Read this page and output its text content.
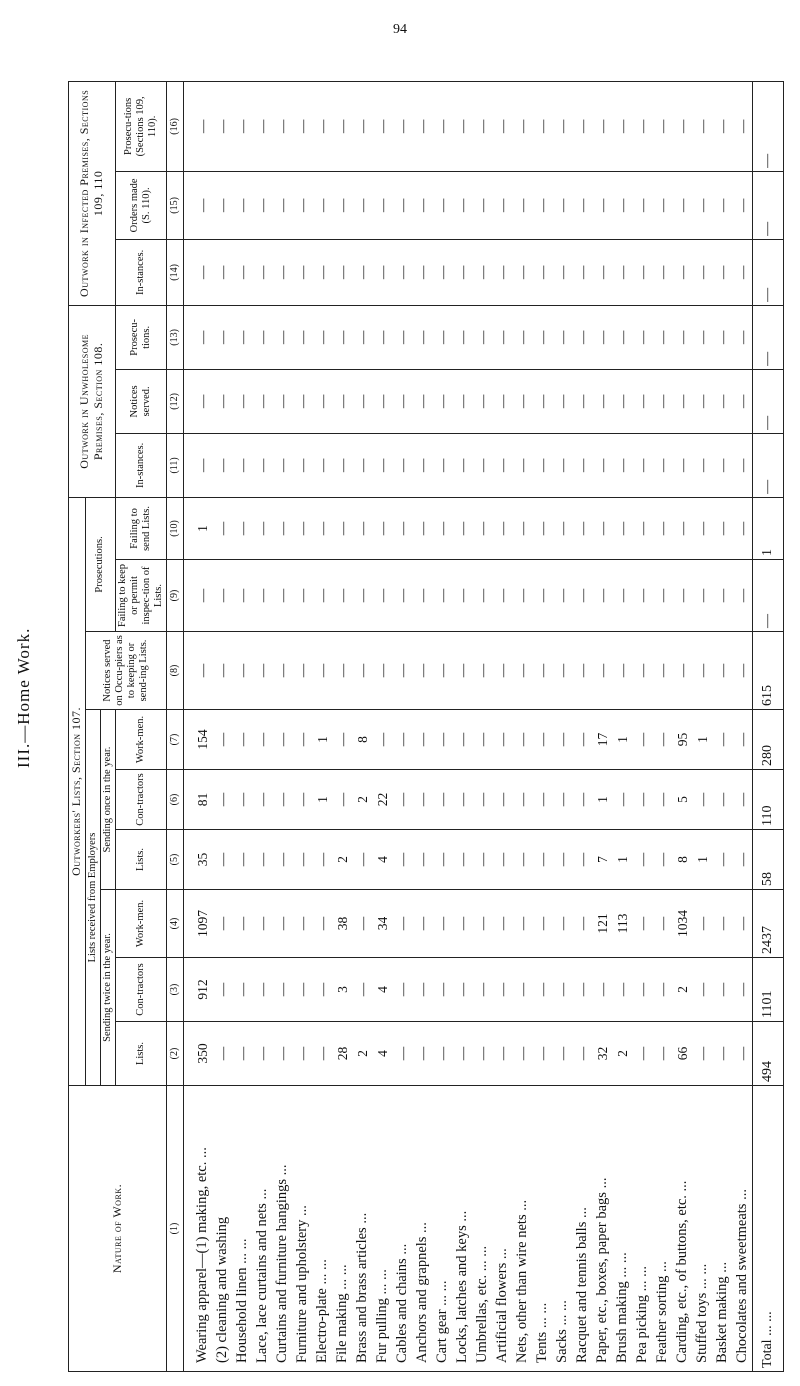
94
III.—Home Work.
Nature of Work.	Outworkers' Lists, Section 107.									Outwork in Unwholesome Premises, Section 108.			Outwork in Infected Premises, Sections 109, 110		
	Lists received from Employers						Notices served on Occu-piers as to keeping or send-ing Lists.	Prosecutions.							
	Sending twice in the year.			Sending once in the year.											
	Lists.	Con-tractors	Work-men.	Lists.	Con-tractors	Work-men.		Failing to keep or permit inspec-tion of Lists.	Failing to send Lists.	In-stances.	Notices served.	Prosecu-tions.	In-stances.	Orders made (S. 110).	Prosecu-tions (Sections 109, 110).
(1)	(2)	(3)	(4)	(5)	(6)	(7)	(8)	(9)	(10)	(11)	(12)	(13)	(14)	(15)	(16)
Wearing apparel—(1) making, etc. ...	350	912	1097	35	81	154	—	—	1	—	—	—	—	—	—
(2) cleaning and washing	—	—	—	—	—	—	—	—	—	—	—	—	—	—	—
Household linen ... ...	—	—	—	—	—	—	—	—	—	—	—	—	—	—	—
Lace, lace curtains and nets ...	—	—	—	—	—	—	—	—	—	—	—	—	—	—	—
Curtains and furniture hangings ...	—	—	—	—	—	—	—	—	—	—	—	—	—	—	—
Furniture and upholstery ...	—	—	—	—	—	—	—	—	—	—	—	—	—	—	—
Electro-plate ... ...	—	—	—	—	1	1	—	—	—	—	—	—	—	—	—
File making ... ...	28	3	38	2	—	—	—	—	—	—	—	—	—	—	—
Brass and brass articles ...	2	—	—	—	2	8	—	—	—	—	—	—	—	—	—
Fur pulling ... ...	4	4	34	4	22	—	—	—	—	—	—	—	—	—	—
Cables and chains ...	—	—	—	—	—	—	—	—	—	—	—	—	—	—	—
Anchors and grapnels ...	—	—	—	—	—	—	—	—	—	—	—	—	—	—	—
Cart gear ... ...	—	—	—	—	—	—	—	—	—	—	—	—	—	—	—
Locks, latches and keys ...	—	—	—	—	—	—	—	—	—	—	—	—	—	—	—
Umbrellas, etc. ... ...	—	—	—	—	—	—	—	—	—	—	—	—	—	—	—
Artificial flowers ...	—	—	—	—	—	—	—	—	—	—	—	—	—	—	—
Nets, other than wire nets ...	—	—	—	—	—	—	—	—	—	—	—	—	—	—	—
Tents ... ...	—	—	—	—	—	—	—	—	—	—	—	—	—	—	—
Sacks ... ...	—	—	—	—	—	—	—	—	—	—	—	—	—	—	—
Racquet and tennis balls ...	—	—	—	—	—	—	—	—	—	—	—	—	—	—	—
Paper, etc., boxes, paper bags ...	32	—	121	7	1	17	—	—	—	—	—	—	—	—	—
Brush making ... ...	2	—	113	1	—	1	—	—	—	—	—	—	—	—	—
Pea picking ... ...	—	—	—	—	—	—	—	—	—	—	—	—	—	—	—
Feather sorting ...	—	—	—	—	—	—	—	—	—	—	—	—	—	—	—
Carding, etc., of buttons, etc. ...	66	2	1034	8	5	95	—	—	—	—	—	—	—	—	—
Stuffed toys ... ...	—	—	—	1	—	1	—	—	—	—	—	—	—	—	—
Basket making ...	—	—	—	—	—	—	—	—	—	—	—	—	—	—	—
Chocolates and sweetmeats ...	—	—	—	—	—	—	—	—	—	—	—	—	—	—	—
Total ... ...	494	1101	2437	58	110	280	615	—	1	—	—	—	—	—	—
